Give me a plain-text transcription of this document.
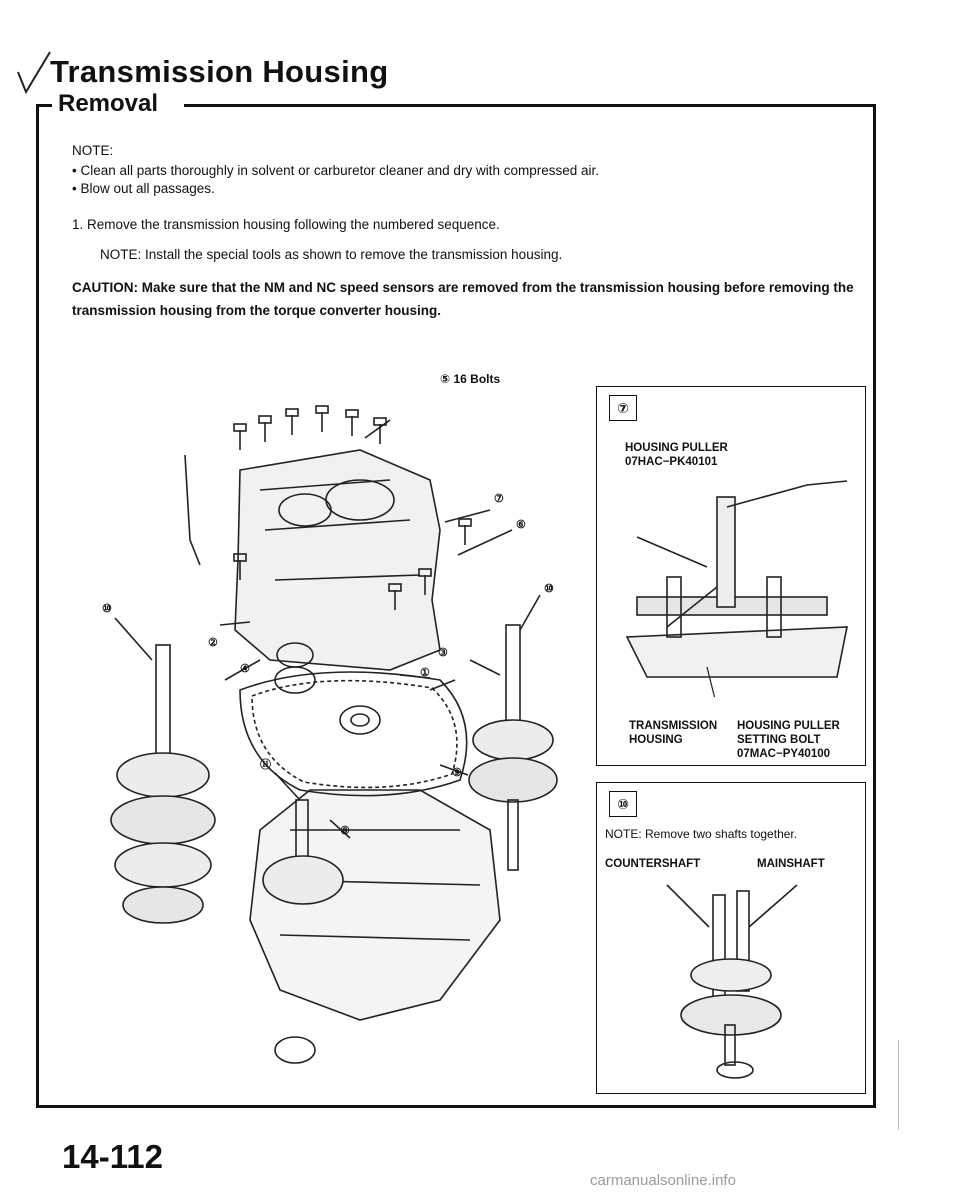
Transmission Housing
Removal
NOTE:
• Clean all parts thoroughly in solvent or carburetor cleaner and dry with compressed air.
• Blow out all passages.
1. Remove the transmission housing following the numbered sequence.
NOTE: Install the special tools as shown to remove the transmission housing.
CAUTION: Make sure that the NM and NC speed sensors are removed from the transmission housing before removing the transmission housing from the torque converter housing.
⑦
⑥
⑩
⑩
②
③
④	①
⑪
⑨
⑧
⑤ 16 Bolts
⑦
HOUSING PULLER
07HAC−PK40101
TRANSMISSION
HOUSING
HOUSING PULLER
SETTING BOLT
07MAC−PY40100
⑩
NOTE: Remove two shafts together.
COUNTERSHAFT	MAINSHAFT
14-112
carmanualsonline.info
